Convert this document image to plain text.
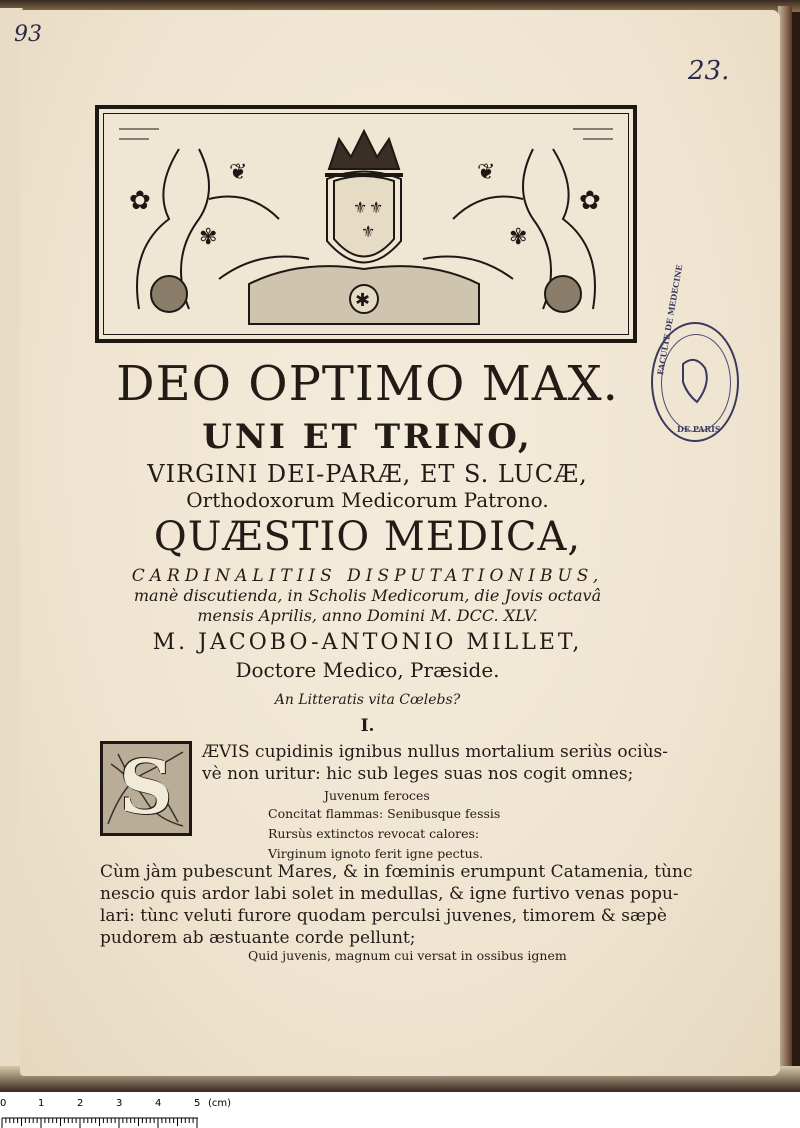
93
23.
⚜ ⚜
⚜
✱
✿
❦
✾
✿
❦
✾
FACULTE DE MEDECINE
DE PARIS
DEO OPTIMO MAX.
UNI ET TRINO,
VIRGINI DEI-PARÆ, ET S. LUCÆ,
Orthodoxorum Medicorum Patrono.
QUÆSTIO MEDICA,
CARDINALITIIS DISPUTATIONIBUS,
manè discutienda, in Scholis Medicorum, die Jovis octavâ
mensis Aprilis, anno Domini M. DCC. XLV.
M. JACOBO-ANTONIO MILLET,
Doctore Medico, Præside.
An Litteratis vita Cœlebs?
I.
S	ÆVIS cupidinis ignibus nullus mortalium seriùs ociùs-
vè non uritur: hic sub leges suas nos cogit omnes;
Juvenum feroces
Concitat flammas: Senibusque fessis
Rursùs extinctos revocat calores:
Virginum ignoto ferit igne pectus.
Cùm jàm pubescunt Mares, & in fœminis erumpunt Catamenia, tùnc
nescio quis ardor labi solet in medullas, & igne furtivo venas popu-
lari: tùnc veluti furore quodam perculsi juvenes, timorem & sæpè
pudorem ab æstuante corde pellunt;
Quid juvenis, magnum cui versat in ossibus ignem
0	1	2	3	4	5 (cm)
